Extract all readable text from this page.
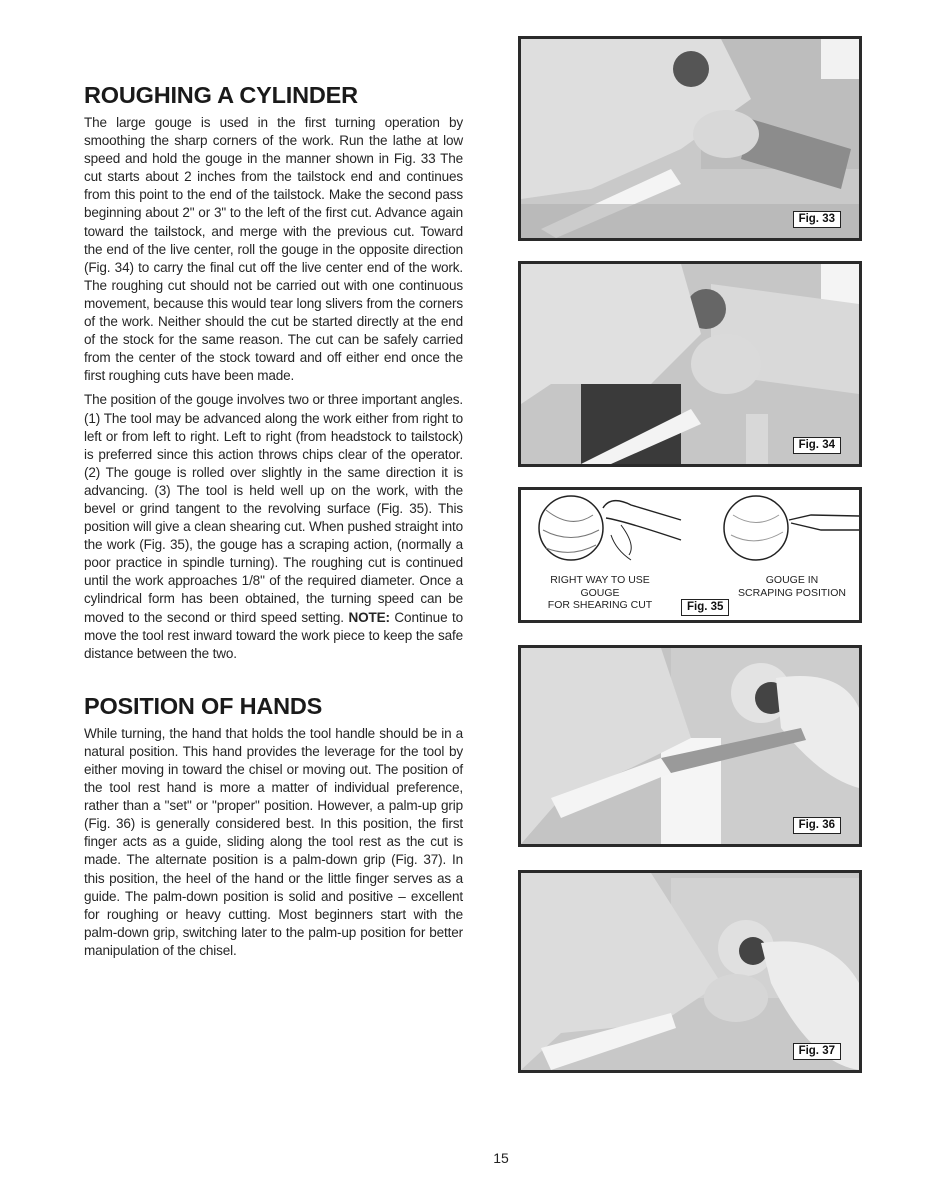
ROUGHING A CYLINDER

The large gouge is used in the first turning operation by smoothing the sharp corners of the work. Run the lathe at low speed and hold the gouge in the manner shown in Fig. 33 The cut starts about 2 inches from the tailstock end and continues from this point to the end of the tailstock. Make the second pass beginning about 2" or 3" to the left of the first cut. Advance again toward the tailstock, and merge with the previous cut. Toward the end of the live center, roll the gouge in the opposite direction (Fig. 34) to carry the final cut off the live center end of the work. The roughing cut should not be carried out with one continuous movement, because this would tear long slivers from the corners of the work. Neither should the cut be started directly at the end of the stock for the same reason. The cut can be safely carried from the center of the stock toward and off either end once the first roughing cuts have been made.

The position of the gouge involves two or three important angles. (1) The tool may be advanced along the work either from right to left or from left to right. Left to right (from headstock to tailstock) is preferred since this action throws chips clear of the operator. (2) The gouge is rolled over slightly in the same direction it is advancing. (3) The tool is held well up on the work, with the bevel or grind tangent to the revolving surface (Fig. 35). This position will give a clean shearing cut. When pushed straight into the work (Fig. 35), the gouge has a scraping action, (normally a poor practice in spindle turning). The roughing cut is continued until the work approaches 1/8" of the required diameter. Once a cylindrical form has been obtained, the turning speed can be moved to the second or third speed setting. NOTE: Continue to move the tool rest inward toward the work piece to keep the safe distance between the two.

POSITION OF HANDS

While turning, the hand that holds the tool handle should be in a natural position. This hand provides the leverage for the tool by either moving in toward the chisel or moving out. The position of the tool rest hand is more a matter of individual preference, rather than a "set" or "proper" position. However, a palm-up grip (Fig. 36) is generally considered best. In this position, the first finger acts as a guide, sliding along the tool rest as the cut is made. The alternate position is a palm-down grip (Fig. 37). In this position, the heel of the hand or the little finger serves as a guide. The palm-down position is solid and positive – excellent for roughing or heavy cutting. Most beginners start with the palm-down grip, switching later to the palm-up position for better manipulation of the chisel.

Fig. 33
Fig. 34
RIGHT WAY TO USE GOUGE
FOR SHEARING CUT
GOUGE IN
SCRAPING POSITION
Fig. 35
Fig. 36
Fig. 37
15
